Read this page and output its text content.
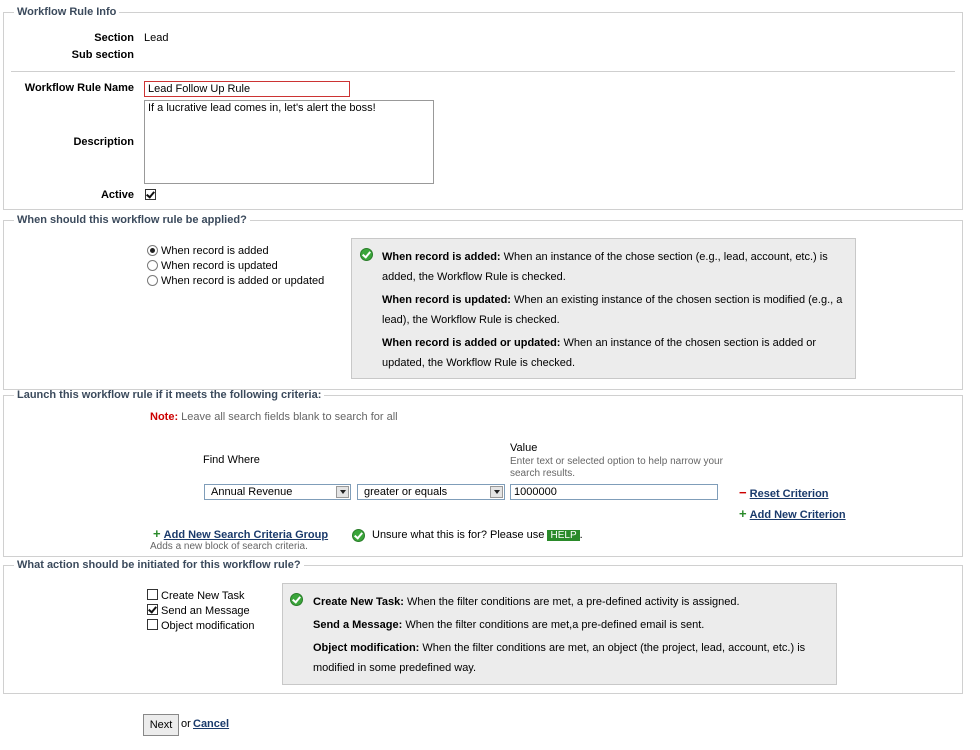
Workflow Rule Info
Section Lead
Sub section
Workflow Rule Name
Lead Follow Up Rule
Description
If a lucrative lead comes in, let's alert the boss!
Active
When should this workflow rule be applied?
When record is added
When record is updated
When record is added or updated
When record is added: When an instance of the chose section (e.g., lead, account, etc.) is
added, the Workflow Rule is checked.
When record is updated: When an existing instance of the chosen section is modified (e.g., a
lead), the Workflow Rule is checked.
When record is added or updated: When an instance of the chosen section is added or
updated, the Workflow Rule is checked.
Launch this workflow rule if it meets the following criteria:
Note: Leave all search fields blank to search for all
Find Where
Value
Enter text or selected option to help narrow your
search results.
Annual Revenue	greater or equals
1000000	− Reset Criterion
+ Add New Criterion
+ Add New Search Criteria Group
Adds a new block of search criteria.
Unsure what this is for? Please use HELP .
What action should be initiated for this workflow rule?
Create New Task
Send an Message
Object modification
Create New Task: When the filter conditions are met, a pre-defined activity is assigned.
Send a Message: When the filter conditions are met,a pre-defined email is sent.
Object modification: When the filter conditions are met, an object (the project, lead, account, etc.) is
modified in some predefined way.
Next or Cancel
